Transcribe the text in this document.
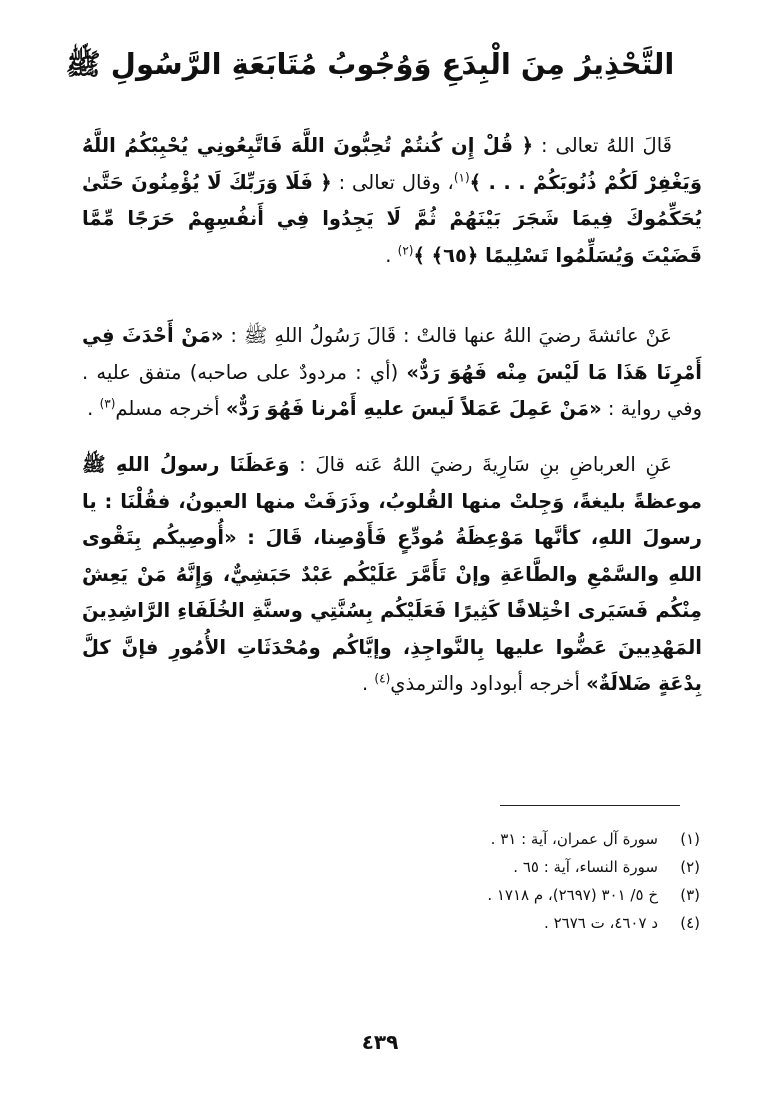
التَّحْذِيرُ مِنَ الْبِدَعِ وَوُجُوبُ مُتَابَعَةِ الرَّسُولِ ﷺ

قَالَ اللهُ تعالى : ﴿ قُلْ إِن كُنتُمْ تُحِبُّونَ اللَّهَ فَاتَّبِعُونِي يُحْبِبْكُمُ اللَّهُ وَيَغْفِرْ لَكُمْ ذُنُوبَكُمْ . . . ﴾$^{(١)}$، وقال تعالى : ﴿ فَلَا وَرَبِّكَ لَا يُؤْمِنُونَ حَتَّىٰ يُحَكِّمُوكَ فِيمَا شَجَرَ بَيْنَهُمْ ثُمَّ لَا يَجِدُوا فِي أَنفُسِهِمْ حَرَجًا مِّمَّا قَضَيْتَ وَيُسَلِّمُوا تَسْلِيمًا ﴿٦٥﴾ ﴾$^{(٢)}$ .

عَنْ عائشةَ رضيَ اللهُ عنها قالتْ : قَالَ رَسُولُ اللهِ ﷺ : «مَنْ أَحْدَثَ فِي أَمْرِنَا هَذَا مَا لَيْسَ مِنْه فَهُوَ رَدٌّ» (أي : مردودٌ على صاحبه) متفق عليه . وفي رواية : «مَنْ عَمِلَ عَمَلاً لَيسَ عليهِ أَمْرنا فَهُوَ رَدٌّ» أخرجه مسلم$^{(٣)}$ .

عَنِ العرباضِ بنِ سَارِيةَ رضيَ اللهُ عَنه قالَ : وَعَظَنَا رسولُ اللهِ ﷺ موعظةً بليغةً، وَجِلتْ منها القُلوبُ، وذَرَفَتْ منها العيونُ، فقُلْنَا : يا رسولَ اللهِ، كأنَّها مَوْعِظَةُ مُودِّعٍ فَأَوْصِنا، قَالَ : «أُوصِيكُم بِتَقْوى اللهِ والسَّمْعِ والطَّاعَةِ وإنْ تَأَمَّرَ عَلَيْكُم عَبْدٌ حَبَشِيٌّ، وَإِنَّهُ مَنْ يَعِشْ مِنْكُم فَسَيَرى اخْتِلافًا كَثِيرًا فَعَلَيْكُم بِسُنَّتِي وسنَّةِ الخُلَفَاءِ الرَّاشِدِينَ المَهْدِيينَ عَضُّوا عليها بِالنَّواجِذِ، وإيَّاكُم ومُحْدَثَاتِ الأُمُورِ فإنَّ كلَّ بِدْعَةٍ ضَلالَةٌ» أخرجه أبوداود والترمذي$^{(٤)}$ .

(١)سورة آل عمران، آية : ٣١ .
(٢)سورة النساء، آية : ٦٥ .
(٣)خ ٥/ ٣٠١ (٢٦٩٧)، م ١٧١٨ .
(٤)د ٤٦٠٧، ت ٢٦٧٦ .
٤٣٩
